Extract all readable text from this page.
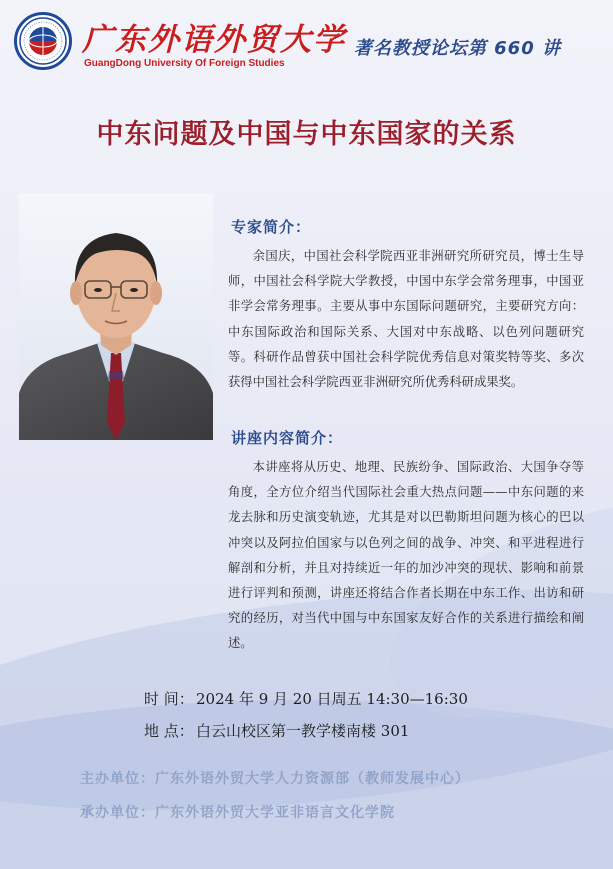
广东外语外贸大学
GuangDong University Of Foreign Studies
著名教授论坛第 660 讲
中东问题及中国与中东国家的关系
专家简介：

余国庆，中国社会科学院西亚非洲研究所研究员，博士生导师，中国社会科学院大学教授，中国中东学会常务理事，中国亚非学会常务理事。主要从事中东国际问题研究，主要研究方向：中东国际政治和国际关系、大国对中东战略、以色列问题研究等。科研作品曾获中国社会科学院优秀信息对策奖特等奖、多次获得中国社会科学院西亚非洲研究所优秀科研成果奖。

讲座内容简介：

本讲座将从历史、地理、民族纷争、国际政治、大国争夺等角度，全方位介绍当代国际社会重大热点问题——中东问题的来龙去脉和历史演变轨迹，尤其是对以巴勒斯坦问题为核心的巴以冲突以及阿拉伯国家与以色列之间的战争、冲突、和平进程进行解剖和分析，并且对持续近一年的加沙冲突的现状、影响和前景进行评判和预测，讲座还将结合作者长期在中东工作、出访和研究的经历，对当代中国与中东国家友好合作的关系进行描绘和阐述。

时 间： 2024 年 9 月 20 日周五 14:30—16:30
地 点： 白云山校区第一教学楼南楼 301
主办单位：广东外语外贸大学人力资源部（教师发展中心）
承办单位：广东外语外贸大学亚非语言文化学院
